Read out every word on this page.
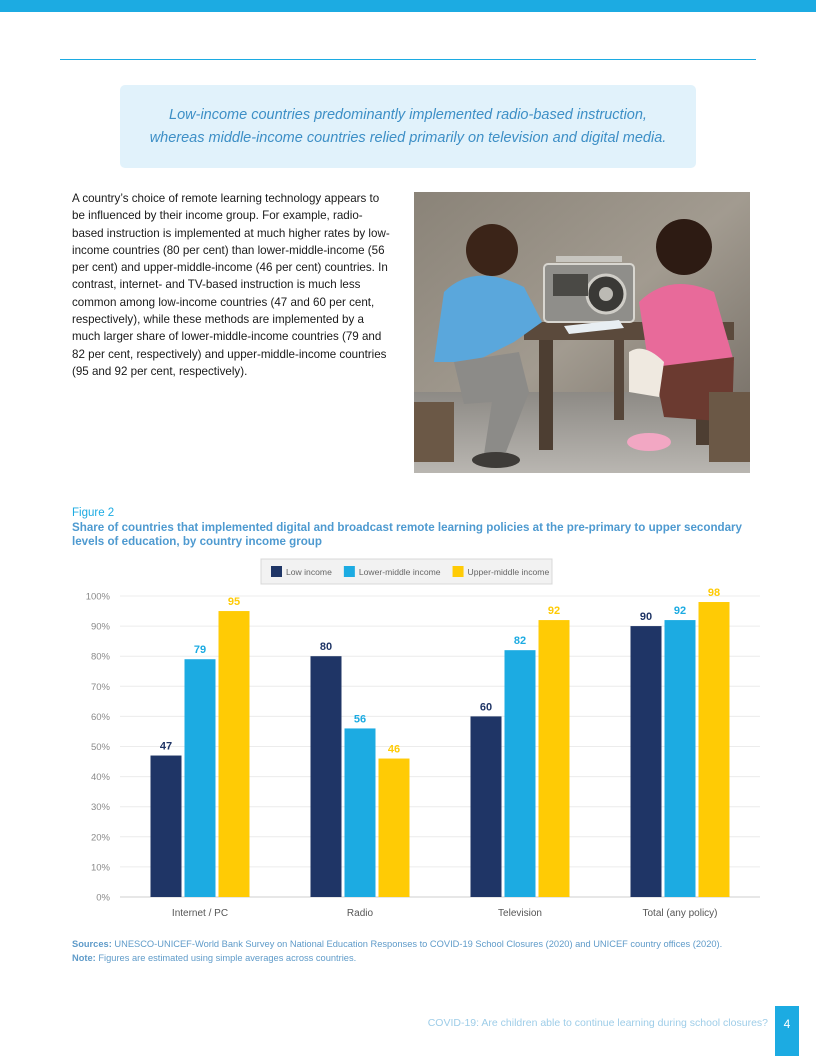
Low-income countries predominantly implemented radio-based instruction,

whereas middle-income countries relied primarily on television and digital media.

A country’s choice of remote learning technology appears to be influenced by their income group. For example, radio-based instruction is implemented at much higher rates by low-income countries (80 per cent) than lower-middle-income (56 per cent) and upper-middle-income (46 per cent) countries. In contrast, internet- and TV-based instruction is much less common among low-income countries (47 and 60 per cent, respectively), while these methods are implemented by a much larger share of lower-middle-income countries (79 and 82 per cent, respectively) and upper-middle-income countries (95 and 92 per cent, respectively).

Figure 2
Share of countries that implemented digital and broadcast remote learning policies at the pre-primary to upper secondary levels of education, by country income group
0%
10%
20%
30%
40%
50%
60%
70%
80%
90%
100%
47
79
95
Internet / PC
80
56
46
Radio
60
82
92
Television
90
92
98
Total (any policy)
Low income	Lower-middle income	Upper-middle income
Sources: UNESCO-UNICEF-World Bank Survey on National Education Responses to COVID-19 School Closures (2020) and UNICEF country offices (2020).
Note: Figures are estimated using simple averages across countries.
COVID-19: Are children able to continue learning during school closures?	4
